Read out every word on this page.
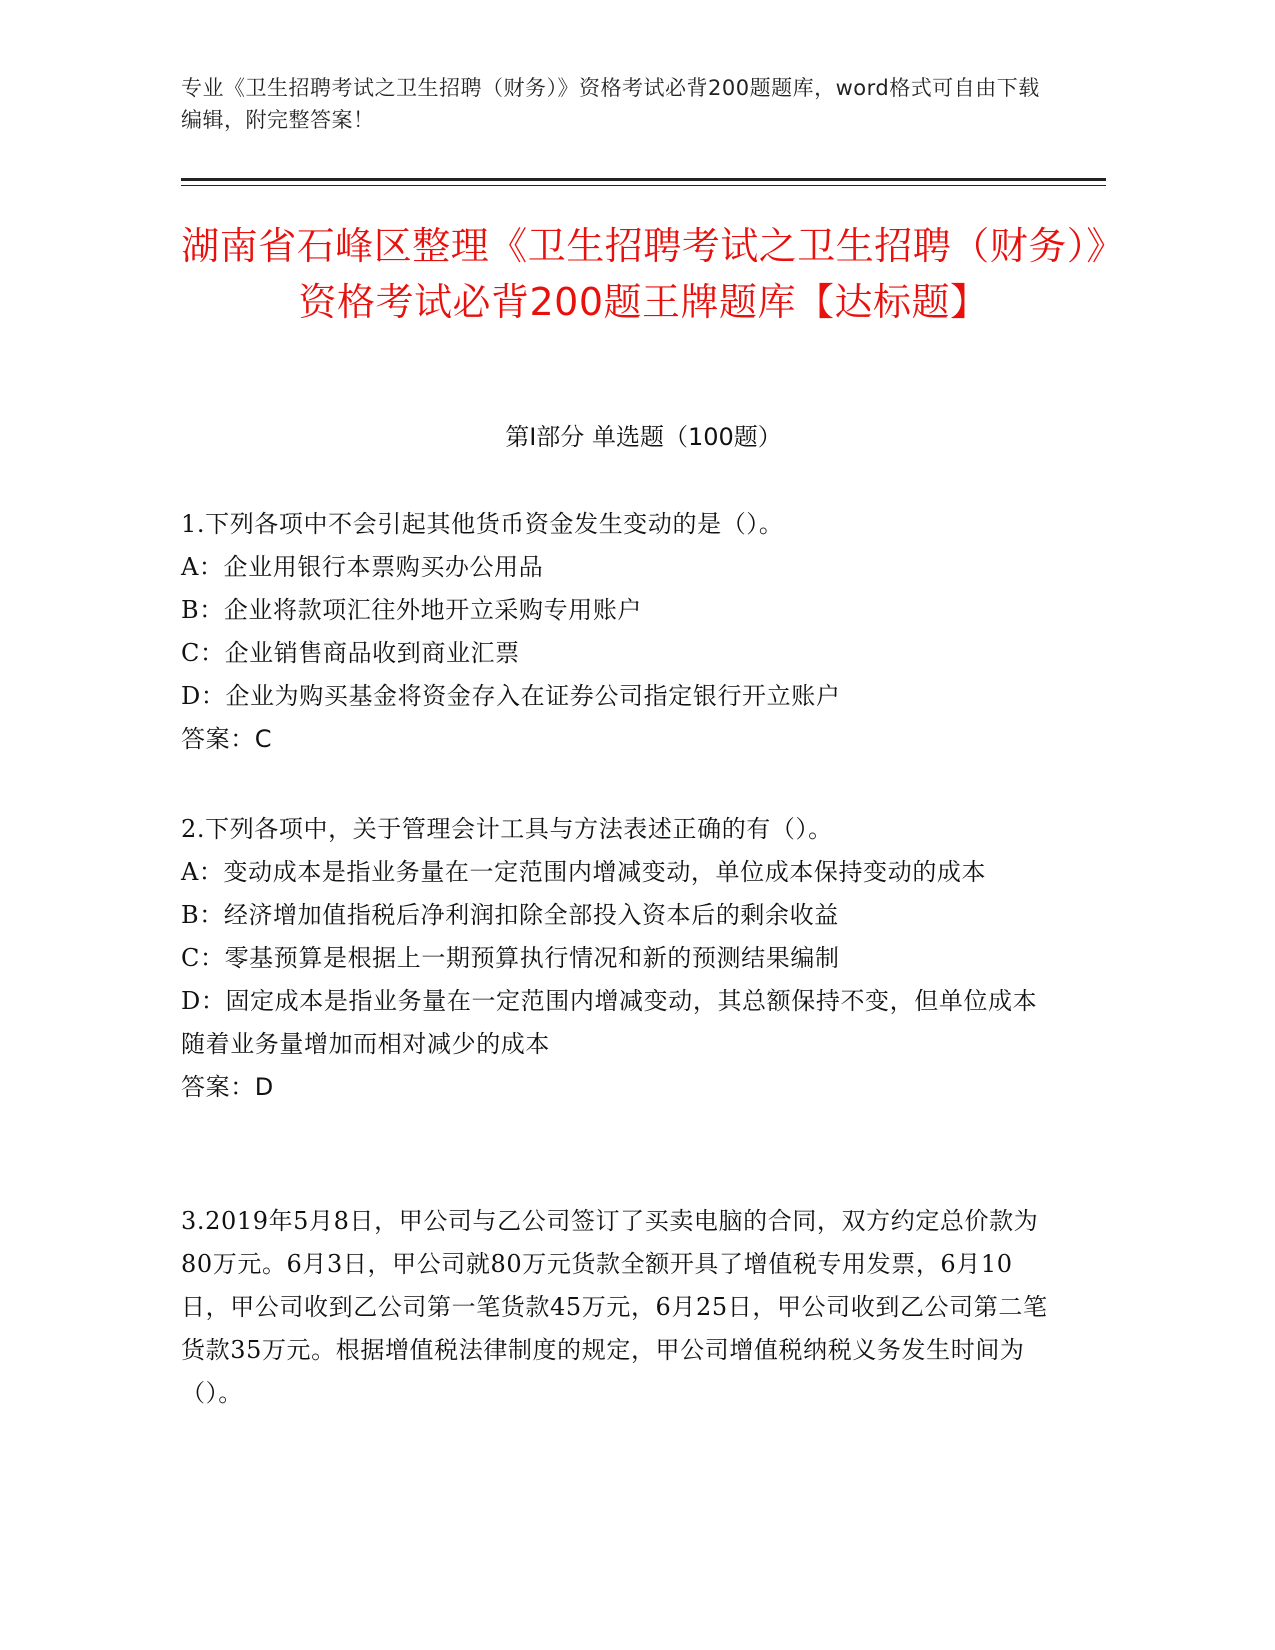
专业《卫生招聘考试之卫生招聘（财务）》资格考试必背200题题库，word格式可自由下载编辑，附完整答案！
湖南省石峰区整理《卫生招聘考试之卫生招聘（财务）》资格考试必背200题王牌题库【达标题】
第I部分 单选题（100题）
1.下列各项中不会引起其他货币资金发生变动的是（）。
A：企业用银行本票购买办公用品
B：企业将款项汇往外地开立采购专用账户
C：企业销售商品收到商业汇票
D：企业为购买基金将资金存入在证券公司指定银行开立账户
答案：C
2.下列各项中，关于管理会计工具与方法表述正确的有（）。
A：变动成本是指业务量在一定范围内增减变动，单位成本保持变动的成本
B：经济增加值指税后净利润扣除全部投入资本后的剩余收益
C：零基预算是根据上一期预算执行情况和新的预测结果编制
D：固定成本是指业务量在一定范围内增减变动，其总额保持不变，但单位成本随着业务量增加而相对减少的成本
答案：D
3.2019年5月8日，甲公司与乙公司签订了买卖电脑的合同，双方约定总价款为80万元。6月3日，甲公司就80万元货款全额开具了增值税专用发票，6月10日，甲公司收到乙公司第一笔货款45万元，6月25日，甲公司收到乙公司第二笔货款35万元。根据增值税法律制度的规定，甲公司增值税纳税义务发生时间为（）。
